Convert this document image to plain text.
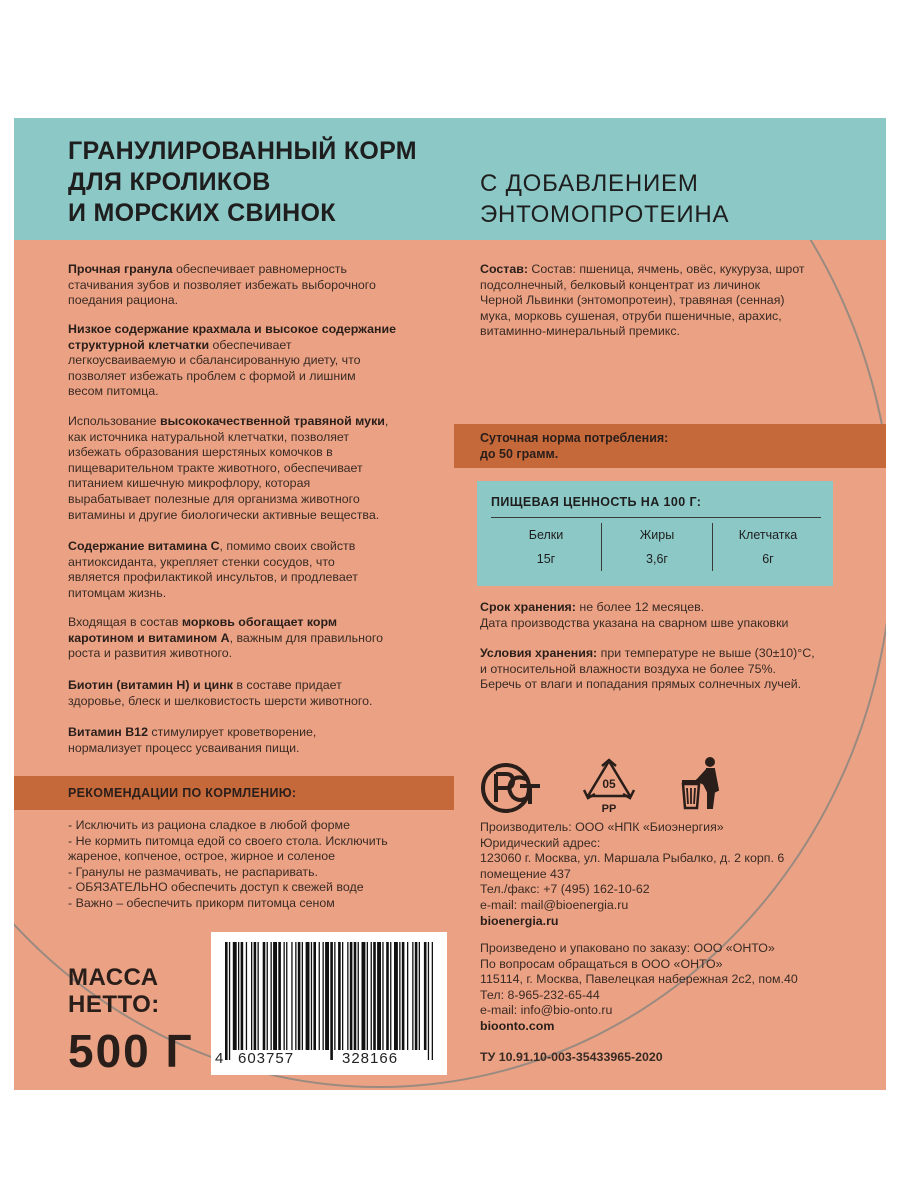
ГРАНУЛИРОВАННЫЙ КОРМ
ДЛЯ КРОЛИКОВ
И МОРСКИХ СВИНОК
С ДОБАВЛЕНИЕМ
ЭНТОМОПРОТЕИНА
Прочная гранула обеспечивает равномерность
стачивания зубов и позволяет избежать выборочного
поедания рациона.
Низкое содержание крахмала и высокое содержание
структурной клетчатки обеспечивает
легкоусваиваемую и сбалансированную диету, что
позволяет избежать проблем с формой и лишним
весом питомца.
Использование высококачественной травяной муки,
как источника натуральной клетчатки, позволяет
избежать образования шерстяных комочков в
пищеварительном тракте животного, обеспечивает
питанием кишечную микрофлору, которая
вырабатывает полезные для организма животного
витамины и другие биологически активные вещества.
Содержание витамина С, помимо своих свойств
антиоксиданта, укрепляет стенки сосудов, что
является профилактикой инсультов, и продлевает
питомцам жизнь.
Входящая в состав морковь обогащает корм
каротином и витамином А, важным для правильного
роста и развития животного.
Биотин (витамин Н) и цинк в составе придает
здоровье, блеск и шелковистость шерсти животного.
Витамин В12 стимулирует кроветворение,
нормализует процесс усваивания пищи.
РЕКОМЕНДАЦИИ ПО КОРМЛЕНИЮ:
- Исключить из рациона сладкое в любой форме
- Не кормить питомца едой со своего стола. Исключить
жареное, копченое, острое, жирное и соленое
- Гранулы не размачивать, не распаривать.
- ОБЯЗАТЕЛЬНО обеспечить доступ к свежей воде
- Важно – обеспечить прикорм питомца сеном
МАССА
НЕТТО:
500 Г 4 603757	328166
Состав: Состав: пшеница, ячмень, овёс, кукуруза, шрот
подсолнечный, белковый концентрат из личинок
Черной Львинки (энтомопротеин), травяная (сенная)
мука, морковь сушеная, отруби пшеничные, арахис,
витаминно-минеральный премикс.
Суточная норма потребления:
до 50 грамм.
ПИЩЕВАЯ ЦЕННОСТЬ НА 100 Г:
Белки
15г
Жиры
3,6г
Клетчатка
6г
Срок хранения: не более 12 месяцев.
Дата производства указана на сварном шве упаковки
Условия хранения: при температуре не выше (30±10)°С,
и относительной влажности воздуха не более 75%.
Беречь от влаги и попадания прямых солнечных лучей.
05
PP
Производитель: ООО «НПК «Биоэнергия»
Юридический адрес:
123060 г. Москва, ул. Маршала Рыбалко, д. 2 корп. 6
помещение 437
Тел./факс: +7 (495) 162-10-62
e-mail: mail@bioenergia.ru
bioenergia.ru
Произведено и упаковано по заказу: ООО «ОНТО»
По вопросам обращаться в ООО «ОНТО»
115114, г. Москва, Павелецкая набережная 2с2, пом.40
Тел: 8-965-232-65-44
e-mail: info@bio-onto.ru
bioonto.com
ТУ 10.91.10-003-35433965-2020
